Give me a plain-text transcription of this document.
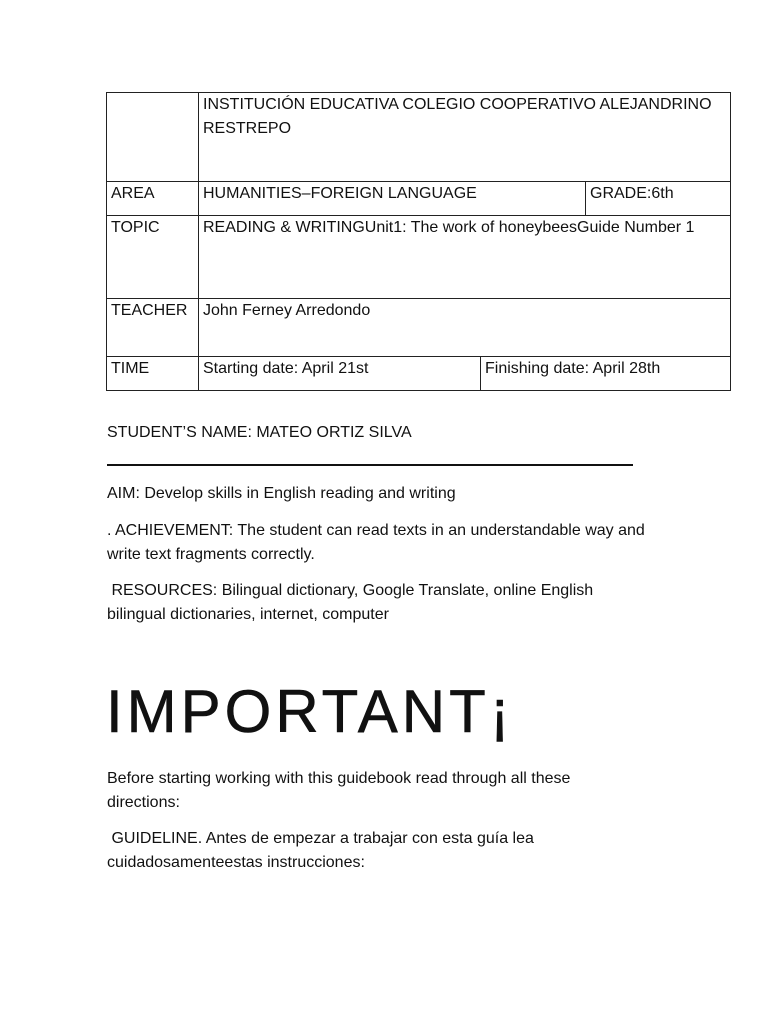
	INSTITUCIÓN EDUCATIVA COLEGIO COOPERATIVO ALEJANDRINO RESTREPO		
AREA	HUMANITIES–FOREIGN LANGUAGE		GRADE:6th
TOPIC	READING & WRITINGUnit1: The work of honeybeesGuide Number 1		
TEACHER	John Ferney Arredondo		
TIME	Starting date: April 21st	Finishing date: April 28th	
STUDENT’S NAME: MATEO ORTIZ SILVA
AIM: Develop skills in English reading and writing
. ACHIEVEMENT: The student can read texts in an understandable way and write text fragments correctly.
RESOURCES: Bilingual dictionary, Google Translate, online English bilingual dictionaries, internet, computer
IMPORTANT¡
Before starting working with this guidebook read through all these directions:
GUIDELINE. Antes de empezar a trabajar con esta guía lea cuidadosamenteestas instrucciones:
